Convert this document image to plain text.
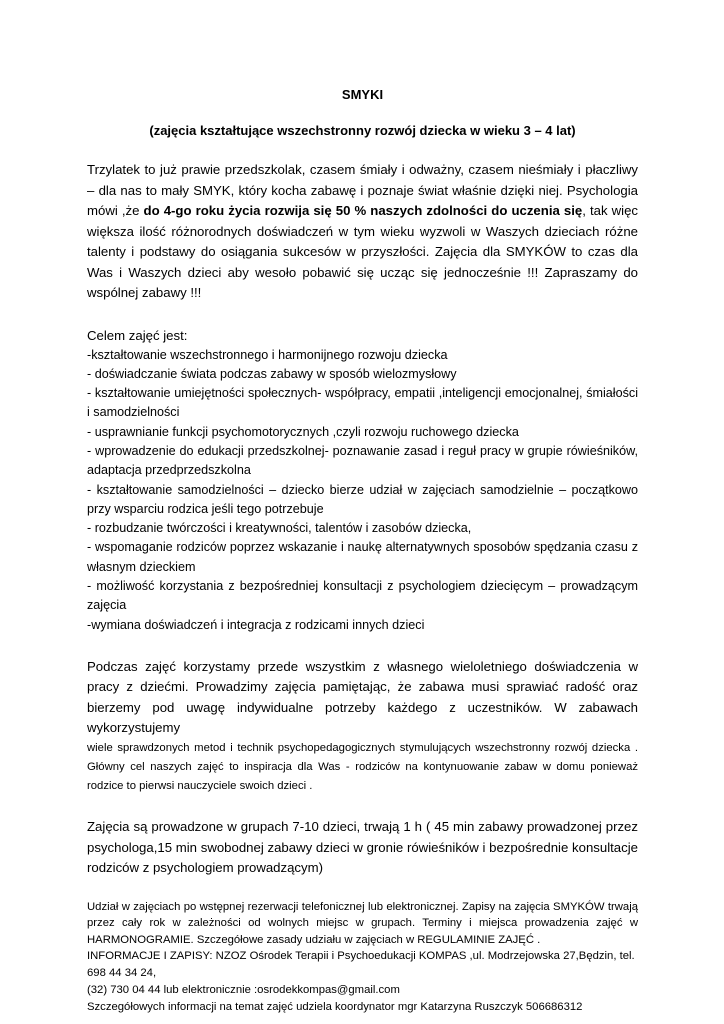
SMYKI

(zajęcia kształtujące wszechstronny rozwój dziecka w wieku 3 – 4 lat)

Trzylatek to już prawie przedszkolak, czasem śmiały i odważny, czasem nieśmiały i płaczliwy – dla nas to mały SMYK, który kocha zabawę i poznaje świat właśnie dzięki niej. Psychologia mówi ,że do 4-go roku życia rozwija się 50 % naszych zdolności do uczenia się, tak więc większa ilość różnorodnych doświadczeń w tym wieku wyzwoli w Waszych dzieciach różne talenty i podstawy do osiągania sukcesów w przyszłości. Zajęcia dla SMYKÓW to czas dla Was i Waszych dzieci aby wesoło pobawić się ucząc się jednocześnie !!! Zapraszamy do wspólnej zabawy !!!

Celem zajęć jest:

-kształtowanie wszechstronnego i harmonijnego rozwoju dziecka
- doświadczanie świata podczas zabawy w sposób wielozmysłowy
- kształtowanie umiejętności społecznych- współpracy, empatii ,inteligencji emocjonalnej, śmiałości i samodzielności
- usprawnianie funkcji psychomotorycznych ,czyli rozwoju ruchowego dziecka
- wprowadzenie do edukacji przedszkolnej- poznawanie zasad i reguł pracy w grupie rówieśników, adaptacja przedprzedszkolna
- kształtowanie samodzielności – dziecko bierze udział w zajęciach samodzielnie – początkowo przy wsparciu rodzica jeśli tego potrzebuje
- rozbudzanie twórczości i kreatywności, talentów i zasobów dziecka,
- wspomaganie rodziców poprzez wskazanie i naukę alternatywnych sposobów spędzania czasu z własnym dzieckiem
- możliwość korzystania z bezpośredniej konsultacji z psychologiem dziecięcym – prowadzącym zajęcia
-wymiana doświadczeń i integracja z rodzicami innych dzieci

Podczas zajęć korzystamy przede wszystkim z własnego wieloletniego doświadczenia w pracy z dziećmi. Prowadzimy zajęcia pamiętając, że zabawa musi sprawiać radość oraz bierzemy pod uwagę indywidualne potrzeby każdego z uczestników. W zabawach wykorzystujemy

wiele sprawdzonych metod i technik psychopedagogicznych stymulujących wszechstronny rozwój dziecka . Główny cel naszych zajęć to inspiracja dla Was - rodziców na kontynuowanie zabaw w domu ponieważ rodzice to pierwsi nauczyciele swoich dzieci .

Zajęcia są prowadzone w grupach 7-10 dzieci, trwają 1 h ( 45 min zabawy prowadzonej przez psychologa,15 min swobodnej zabawy dzieci w gronie rówieśników i bezpośrednie konsultacje rodziców z psychologiem prowadzącym)

Udział w zajęciach po wstępnej rezerwacji telefonicznej lub elektronicznej. Zapisy na zajęcia SMYKÓW trwają przez cały rok w zależności od wolnych miejsc w grupach. Terminy i miejsca prowadzenia zajęć w HARMONOGRAMIE. Szczegółowe zasady udziału w zajęciach w REGULAMINIE ZAJĘĆ .

INFORMACJE I ZAPISY: NZOZ Ośrodek Terapii i Psychoedukacji KOMPAS ,ul. Modrzejowska 27,Będzin, tel. 698 44 34 24,

(32) 730 04 44 lub elektronicznie :osrodekkompas@gmail.com

Szczegółowych informacji na temat zajęć udziela koordynator mgr Katarzyna Ruszczyk 506686312
